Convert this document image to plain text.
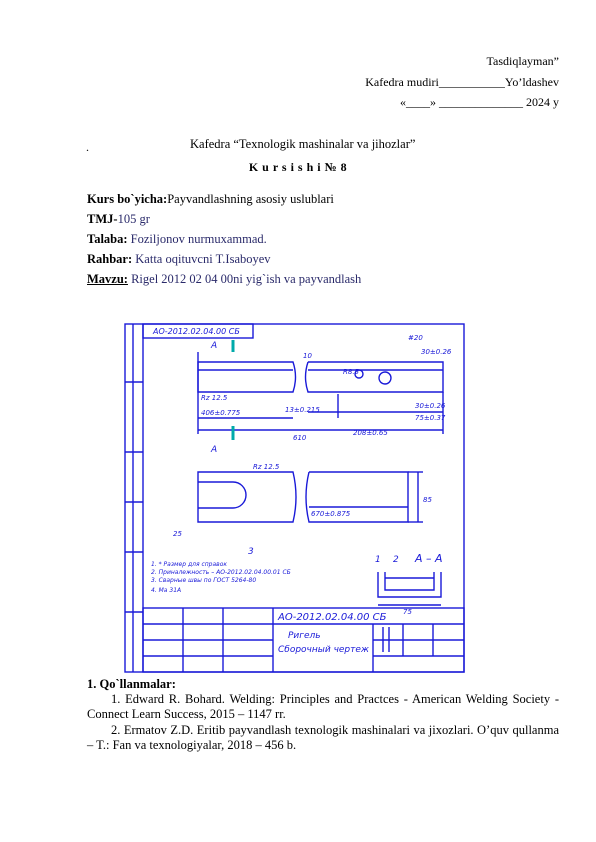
Tasdiqlayman”
Kafedra mudiri___________Yo’ldashev
«____» ______________ 2024 y
.	Kafedra “Texnologik mashinalar va jihozlar”
K u r s i s h i № 8
Kurs bo`yicha:Payvandlashning asosiy uslublari
TMJ-105 gr
Talaba: Foziljonov nurmuxammad.
Rahbar: Katta oqituvcni T.Isaboyev
Mavzu: Rigel 2012 02 04 00ni yig`ish va payvandlash
АО-2012.02.04.00 СБ
АО-2012.02.04.00 СБ
Ригель
Сборочный чертеж
А – А
10
#20
30±0.26
R8.5
Rz 12.5
406±0.775	13±0.215
610
208±0.65
30±0.26
75±0.37
Rz 12.5
670±0.875
25
85
75
1 2
3
А
А
1. * Размер для справок
2. Приналежность – АО-2012.02.04.00.01 СБ
3. Сварные швы по ГОСТ 5264-80
4. Ма 31А
1. Qo`llanmalar:
1. Edward R. Bohard. Welding: Principles and Practces - American Welding Society - Connect Learn Success, 2015 – 1147 rr.
2. Ermatov Z.D. Eritib payvandlash texnologik mashinalari va jixozlari. O’quv qullanma – T.: Fan va texnologiyalar, 2018 – 456 b.
